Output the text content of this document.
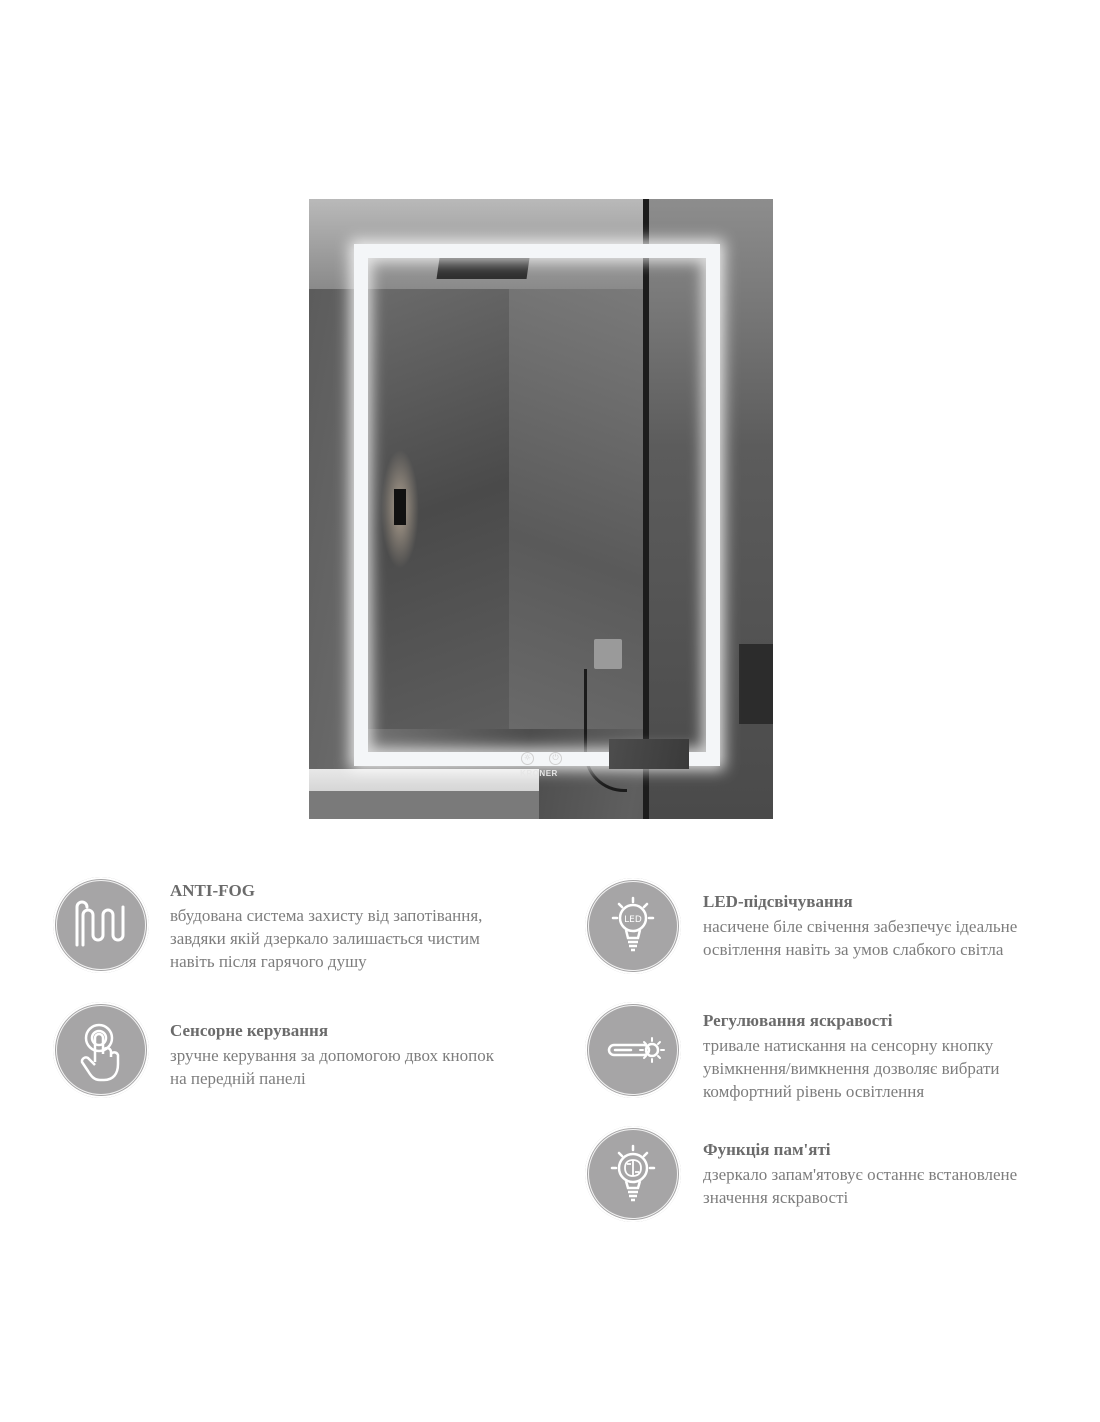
☼	⏻
KRONER
ANTI-FOG
вбудована система захисту від запотівання,
завдяки якій дзеркало залишається чистим
навіть після гарячого душу
LED
LED-підсвічування
насичене біле свічення забезпечує ідеальне
освітлення навіть за умов слабкого світла
Сенсорне керування
зручне керування за допомогою двох кнопок
на передній панелі
Регулювання яскравості
тривале натискання на сенсорну кнопку
увімкнення/вимкнення дозволяє вибрати
комфортний рівень освітлення
Функція пам'яті
дзеркало запам'ятовує останнє встановлене
значення яскравості
